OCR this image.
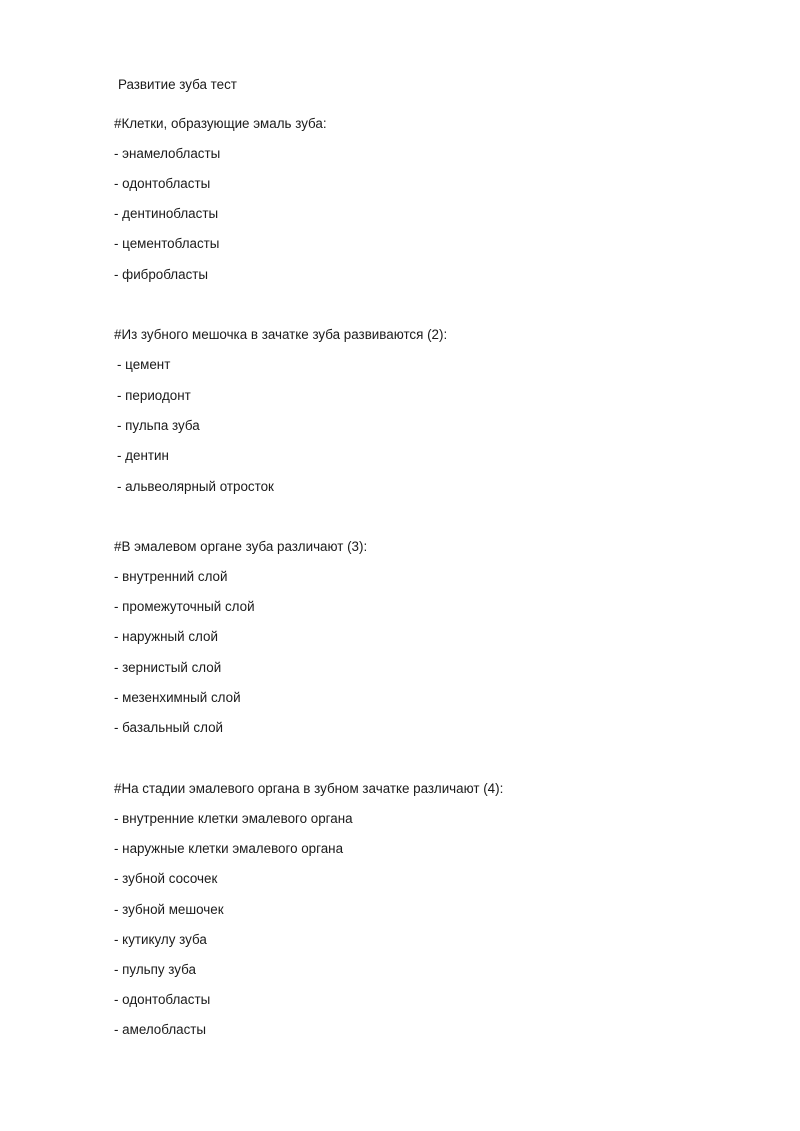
Развитие зуба тест
#Клетки, образующие эмаль зуба:
- энамелобласты
- одонтобласты
- дентинобласты
- цементобласты
- фибробласты
#Из зубного мешочка в зачатке зуба развиваются (2):
- цемент
- периодонт
- пульпа зуба
- дентин
- альвеолярный отросток
#В эмалевом органе зуба различают (3):
- внутренний слой
- промежуточный слой
- наружный слой
- зернистый слой
- мезенхимный слой
- базальный слой
#На стадии эмалевого органа в зубном зачатке различают (4):
- внутренние клетки эмалевого органа
- наружные клетки эмалевого органа
- зубной сосочек
- зубной мешочек
- кутикулу зуба
- пульпу зуба
- одонтобласты
- амелобласты
